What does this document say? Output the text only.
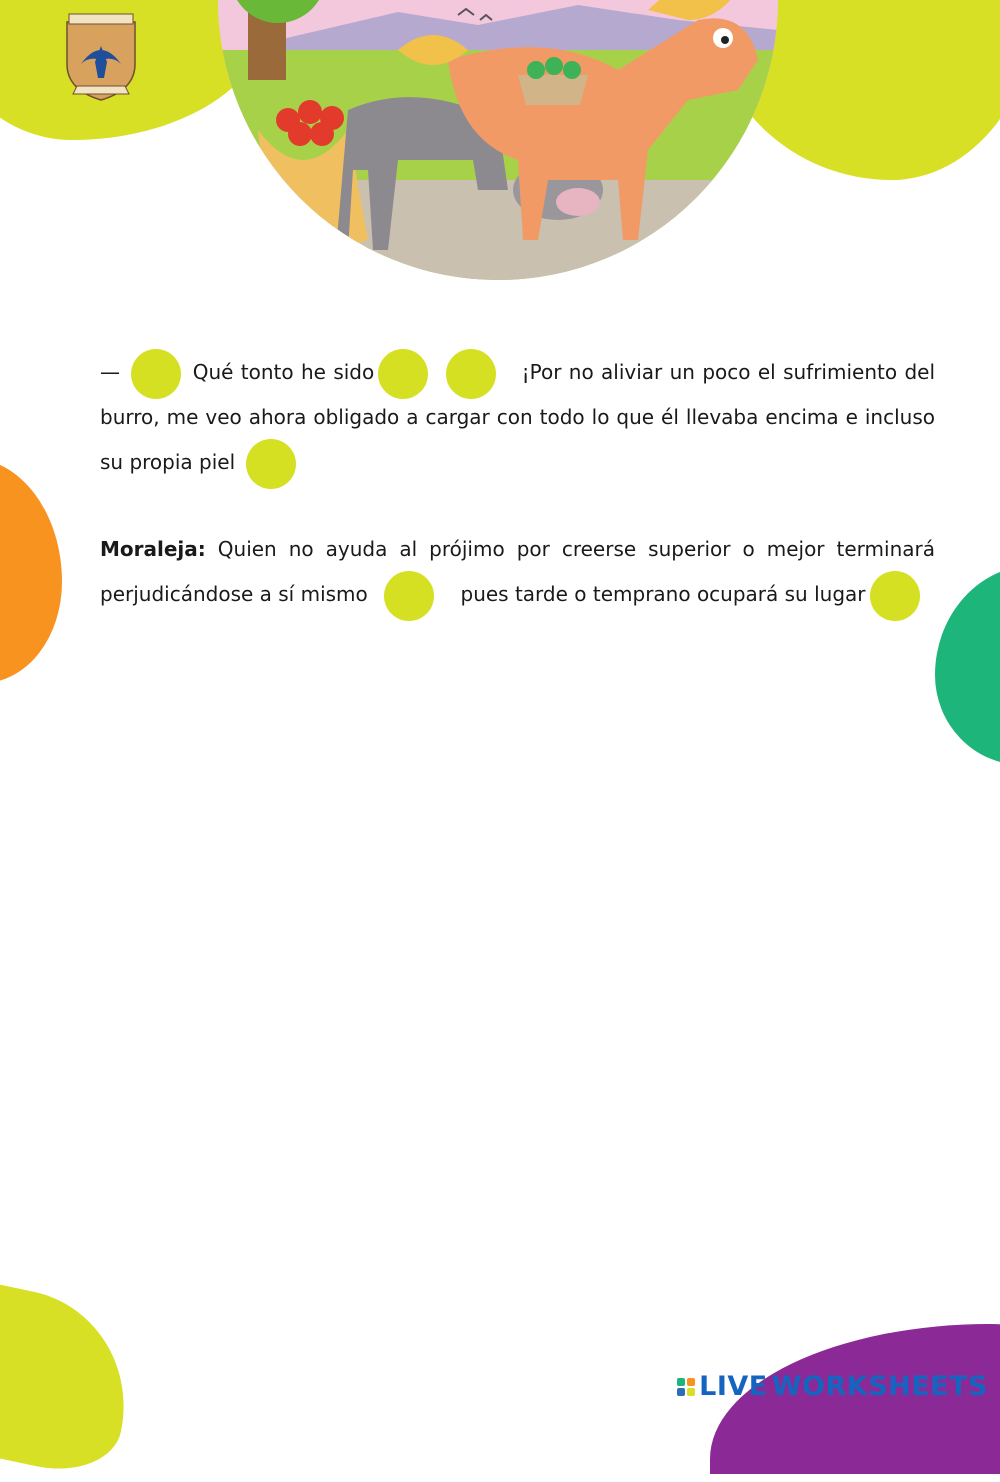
—	Qué tonto he sido	¡Por no aliviar un poco el sufrimiento del burro, me veo ahora obligado a cargar con todo lo que él llevaba encima e incluso su propia piel

Moraleja: Quien no ayuda al prójimo por creerse superior o mejor terminará perjudicándose a sí mismo	pues tarde o temprano ocupará su lugar

LIVE WORKSHEETS
